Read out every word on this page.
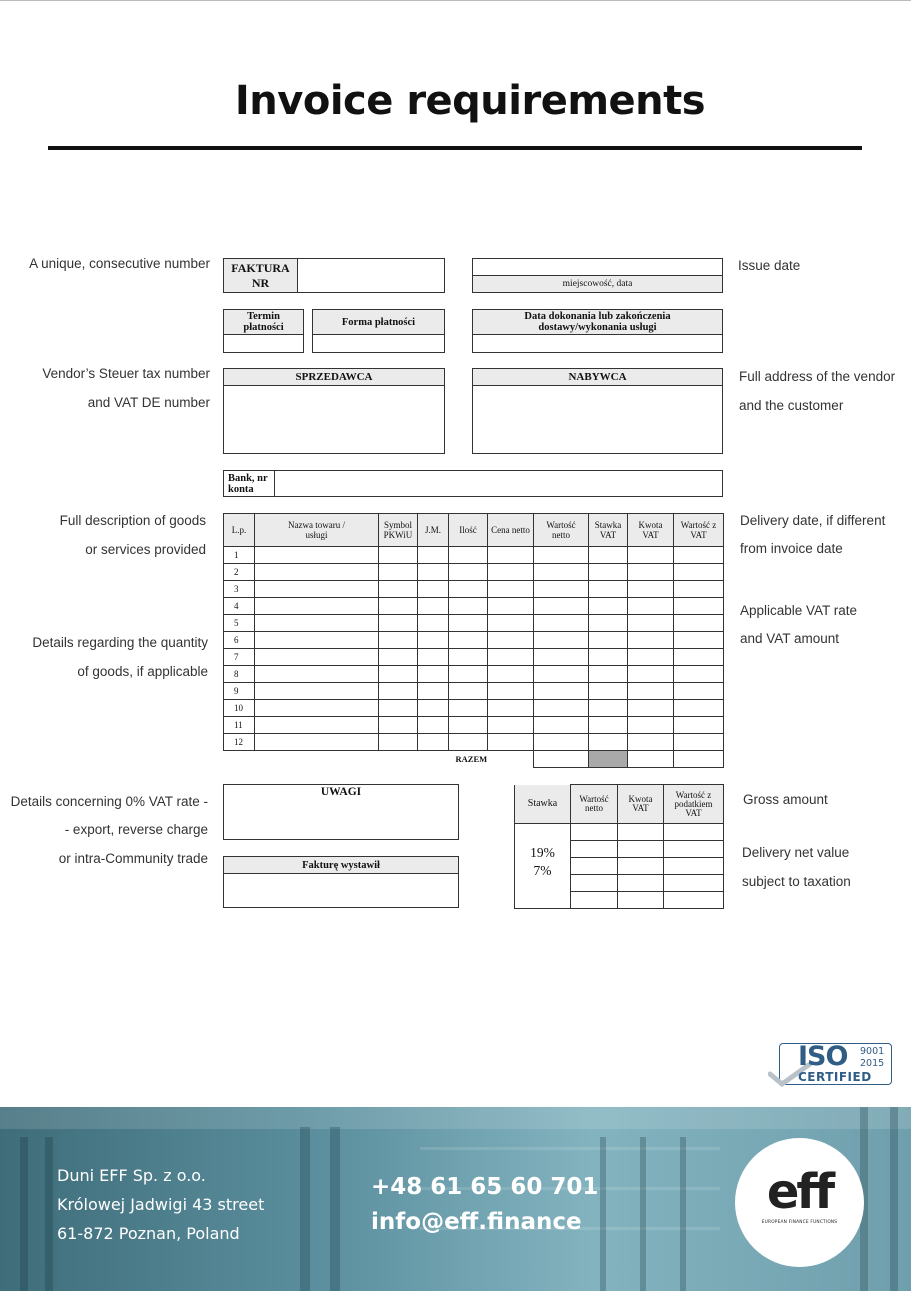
Invoice requirements
A unique, consecutive number
Vendor’s Steuer tax number
and VAT DE number
Full description of goods
or services provided
Details regarding the quantity
of goods, if applicable
Details concerning 0% VAT rate -
- export, reverse charge
or intra-Community trade
Issue date
Full address of the vendor
and the customer
Delivery date, if different
from invoice date
Applicable VAT rate
and VAT amount
Gross amount
Delivery net value
subject to taxation
FAKTURA NR	miejscowość, data
Termin płatności	Forma płatności	Data dokonania lub zakończenia dostawy/wykonania usługi
SPRZEDAWCA	NABYWCA
Bank, nr konta
L.p.	Nazwa towaru / usługi	Symbol PKWiU	J.M.	Ilość	Cena netto	Wartość netto	Stawka VAT	Kwota VAT	Wartość z VAT
1									
2									
3									
4									
5									
6									
7									
8									
9									
10									
11									
12									
				RAZEM					
UWAGI
Fakturę wystawił
Stawka	Wartość netto	Kwota VAT	Wartość z podatkiem VAT

19%
7%			

ISO 9001
2015
CERTIFIED
Duni EFF Sp. z o.o.
Królowej Jadwigi 43 street
61-872 Poznan, Poland
+48 61 65 60 701
info@eff.finance
eff
EUROPEAN FINANCE FUNCTIONS
